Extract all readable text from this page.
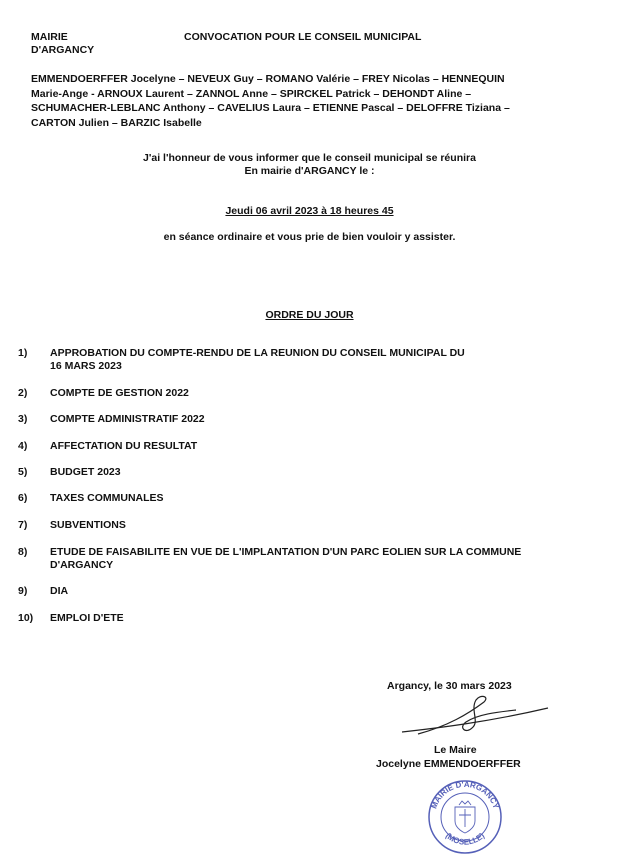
MAIRIE
D'ARGANCY
CONVOCATION POUR LE CONSEIL MUNICIPAL
EMMENDOERFFER Jocelyne – NEVEUX Guy – ROMANO Valérie – FREY Nicolas – HENNEQUIN
Marie-Ange - ARNOUX Laurent – ZANNOL Anne – SPIRCKEL Patrick – DEHONDT Aline –
SCHUMACHER-LEBLANC Anthony – CAVELIUS Laura – ETIENNE Pascal – DELOFFRE Tiziana –
CARTON Julien – BARZIC Isabelle
J'ai l'honneur de vous informer que le conseil municipal se réunira
En mairie d'ARGANCY le :
Jeudi 06 avril 2023 à 18 heures 45
en séance ordinaire et vous prie de bien vouloir y assister.
ORDRE DU JOUR
1)	APPROBATION DU COMPTE-RENDU DE LA REUNION DU CONSEIL MUNICIPAL DU
16 MARS 2023
2)	COMPTE DE GESTION 2022
3)	COMPTE ADMINISTRATIF 2022
4)	AFFECTATION DU RESULTAT
5)	BUDGET 2023
6)	TAXES COMMUNALES
7)	SUBVENTIONS
8)	ETUDE DE FAISABILITE EN VUE DE L'IMPLANTATION D'UN PARC EOLIEN SUR LA COMMUNE
D'ARGANCY
9)	DIA
10)	EMPLOI D'ETE
Argancy, le 30 mars 2023
Le Maire
Jocelyne EMMENDOERFFER
MAIRIE D'ARGANCY
(MOSELLE)
